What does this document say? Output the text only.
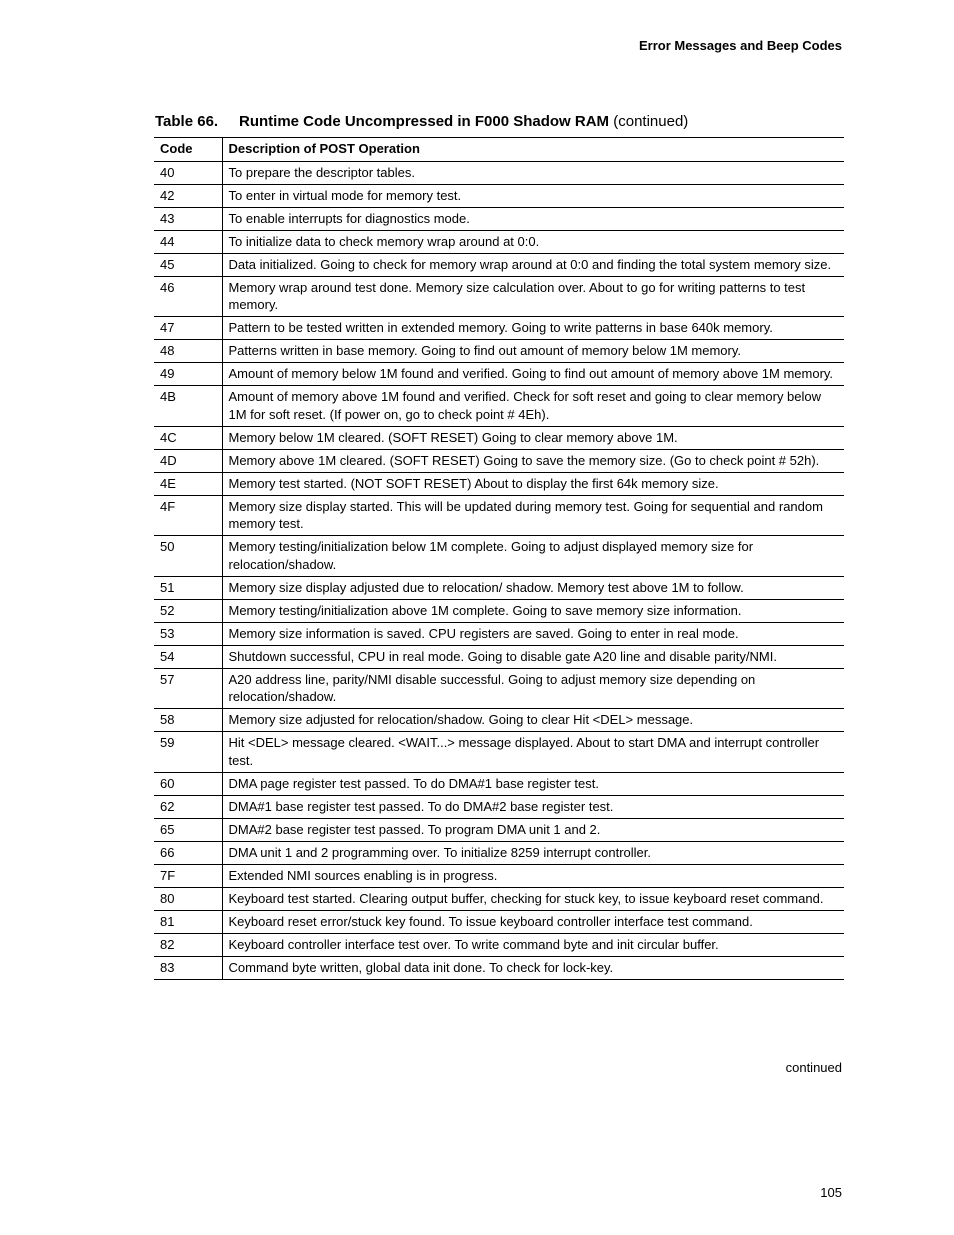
Error Messages and Beep Codes
Table 66. Runtime Code Uncompressed in F000 Shadow RAM (continued)
Code	Description of POST Operation
40	To prepare the descriptor tables.
42	To enter in virtual mode for memory test.
43	To enable interrupts for diagnostics mode.
44	To initialize data to check memory wrap around at 0:0.
45	Data initialized. Going to check for memory wrap around at 0:0 and finding the total system memory size.
46	Memory wrap around test done. Memory size calculation over. About to go for writing patterns to test memory.
47	Pattern to be tested written in extended memory. Going to write patterns in base 640k memory.
48	Patterns written in base memory. Going to find out amount of memory below 1M memory.
49	Amount of memory below 1M found and verified. Going to find out amount of memory above 1M memory.
4B	Amount of memory above 1M found and verified. Check for soft reset and going to clear memory below 1M for soft reset. (If power on, go to check point # 4Eh).
4C	Memory below 1M cleared. (SOFT RESET) Going to clear memory above 1M.
4D	Memory above 1M cleared. (SOFT RESET) Going to save the memory size. (Go to check point # 52h).
4E	Memory test started. (NOT SOFT RESET) About to display the first 64k memory size.
4F	Memory size display started. This will be updated during memory test. Going for sequential and random memory test.
50	Memory testing/initialization below 1M complete. Going to adjust displayed memory size for relocation/shadow.
51	Memory size display adjusted due to relocation/ shadow. Memory test above 1M to follow.
52	Memory testing/initialization above 1M complete. Going to save memory size information.
53	Memory size information is saved. CPU registers are saved. Going to enter in real mode.
54	Shutdown successful, CPU in real mode. Going to disable gate A20 line and disable parity/NMI.
57	A20 address line, parity/NMI disable successful. Going to adjust memory size depending on relocation/shadow.
58	Memory size adjusted for relocation/shadow. Going to clear Hit <DEL> message.
59	Hit <DEL> message cleared. <WAIT...> message displayed. About to start DMA and interrupt controller test.
60	DMA page register test passed. To do DMA#1 base register test.
62	DMA#1 base register test passed. To do DMA#2 base register test.
65	DMA#2 base register test passed. To program DMA unit 1 and 2.
66	DMA unit 1 and 2 programming over. To initialize 8259 interrupt controller.
7F	Extended NMI sources enabling is in progress.
80	Keyboard test started. Clearing output buffer, checking for stuck key, to issue keyboard reset command.
81	Keyboard reset error/stuck key found. To issue keyboard controller interface test command.
82	Keyboard controller interface test over. To write command byte and init circular buffer.
83	Command byte written, global data init done. To check for lock-key.
continued
105
